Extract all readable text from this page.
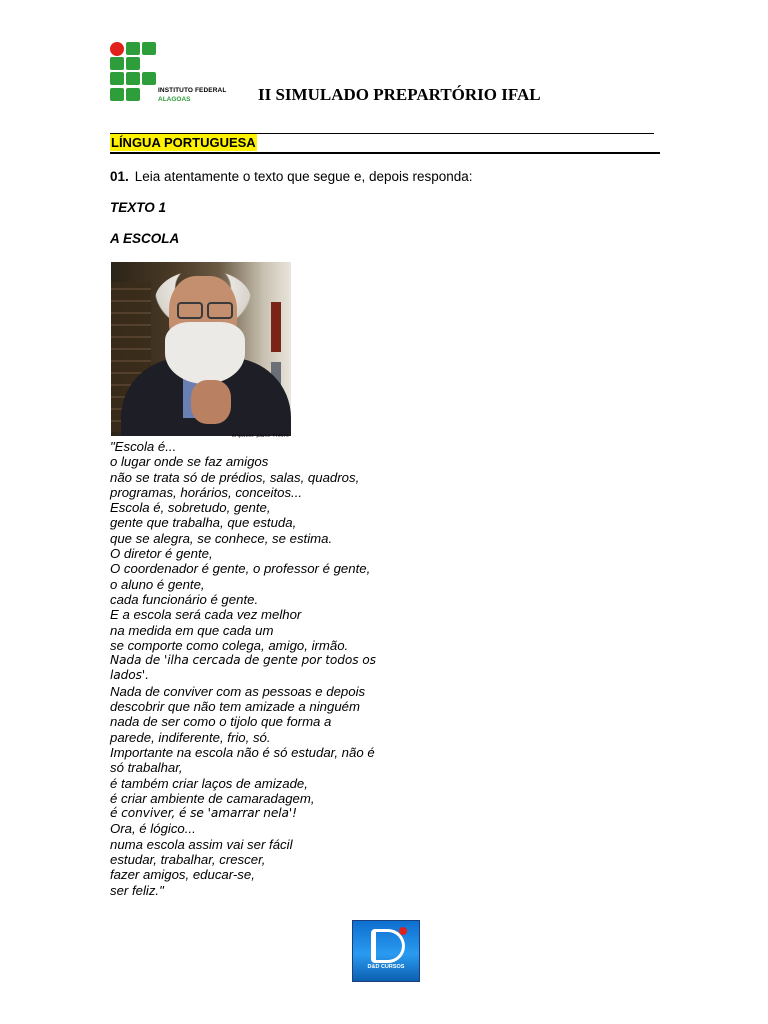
INSTITUTO FEDERAL
ALAGOAS	II SIMULADO PREPARTÓRIO IFAL
LÍNGUA PORTUGUESA
01. Leia atentamente o texto que segue e, depois responda:
TEXTO 1
A ESCOLA
arquivos paulo freire
"Escola é...
o lugar onde se faz amigos
não se trata só de prédios, salas, quadros,
programas, horários, conceitos...
Escola é, sobretudo, gente,
gente que trabalha, que estuda,
que se alegra, se conhece, se estima.
O diretor é gente,
O coordenador é gente, o professor é gente,
o aluno é gente,
cada funcionário é gente.
E a escola será cada vez melhor
na medida em que cada um
se comporte como colega, amigo, irmão.
Nada de 'ilha cercada de gente por todos os
lados'.
Nada de conviver com as pessoas e depois
descobrir que não tem amizade a ninguém
nada de ser como o tijolo que forma a
parede, indiferente, frio, só.
Importante na escola não é só estudar, não é
só trabalhar,
é também criar laços de amizade,
é criar ambiente de camaradagem,
é conviver, é se 'amarrar nela'!
Ora, é lógico...
numa escola assim vai ser fácil
estudar, trabalhar, crescer,
fazer amigos, educar-se,
ser feliz."
D&D CURSOS
